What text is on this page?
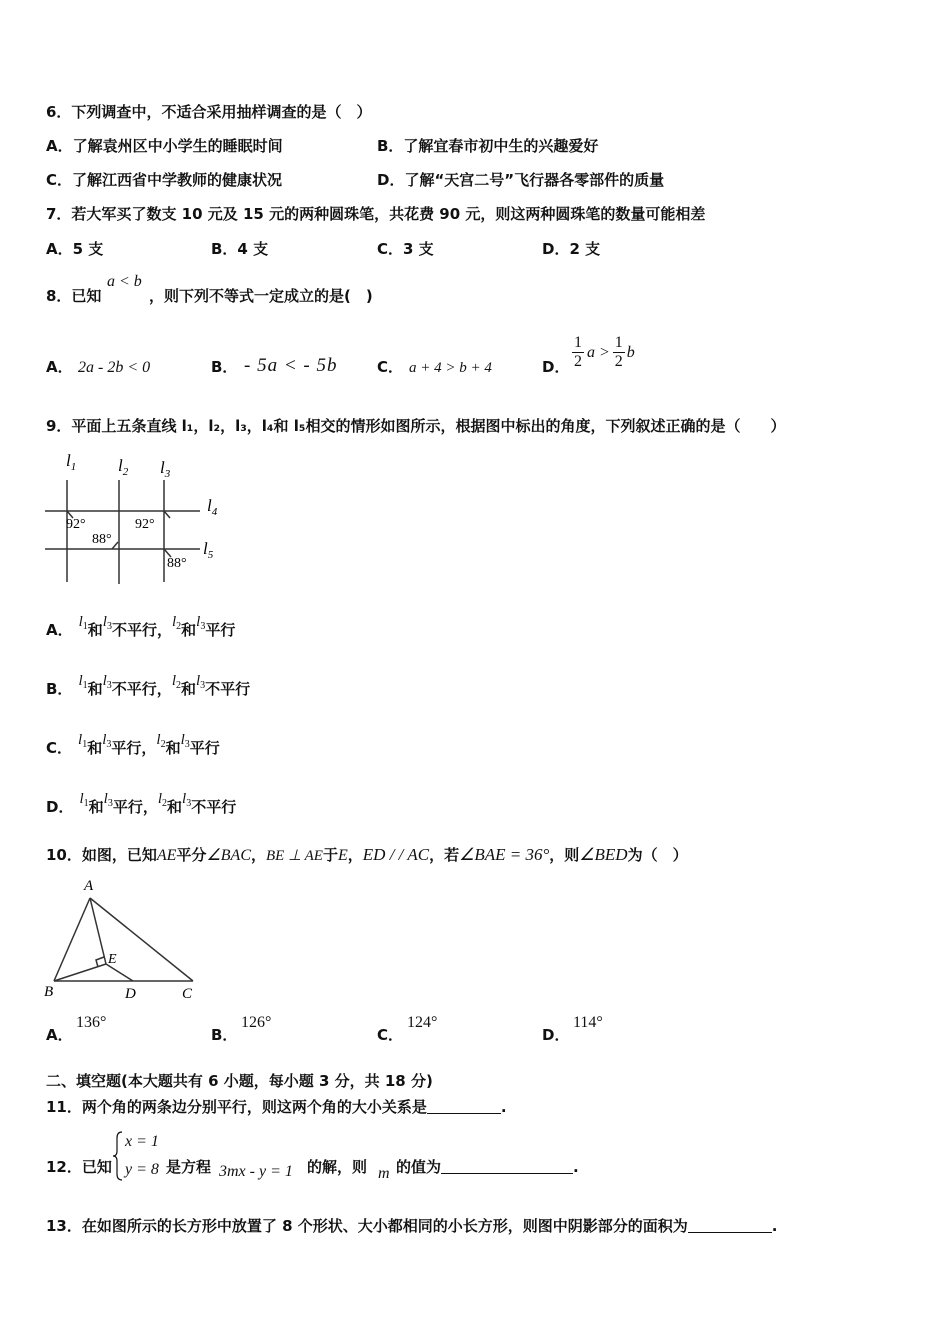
6．下列调查中，不适合采用抽样调查的是（　）
A．了解袁州区中小学生的睡眠时间	B．了解宜春市初中生的兴趣爱好
C．了解江西省中学教师的健康状况	D．了解“天宫二号”飞行器各零部件的质量
7．若大军买了数支 10 元及 15 元的两种圆珠笔，共花费 90 元，则这两种圆珠笔的数量可能相差
A．5 支	B．4 支	C．3 支	D．2 支
8．已知
a < b
，则下列不等式一定成立的是(　)
A． 2a - 2b < 0	B． - 5a < - 5b	C． a + 4 > b + 4	D． $\frac{1}{2}$ $a > \frac{1}{2}$ b
9．平面上五条直线 l₁，l₂，l₃，l₄和 l₅相交的情形如图所示，根据图中标出的角度，下列叙述正确的是（　　）
$l_1$ $l_2$ $l_3$
$l_4$
$l_5$
92°
88°
92°
88°
A． $l^1$和$l^3$不平行，$l^2$和$l^3$平行
B． $l^1$和$l^3$不平行，$l^2$和$l^3$不平行
C． $l^1$和$l^3$平行，$l^2$和$l^3$平行
D． $l^1$和$l^3$平行，$l^2$和$l^3$不平行
10．如图，已知AE平分∠BAC，BE ⊥ AE于E，ED / / AC，若∠BAE = 36°，则∠BED为（　）
A
B	D	C
E
A．
136°
B．
126°
C．
124°
D．
114°
二、填空题(本大题共有 6 小题，每小题 3 分，共 18 分)
11．两个角的两条边分别平行，则这两个角的大小关系是	.
12．已知
x = 1
y = 8 是方程 3mx - y = 1 的解，则 m 的值为	.
13．在如图所示的长方形中放置了 8 个形状、大小都相同的小长方形，则图中阴影部分的面积为	.
